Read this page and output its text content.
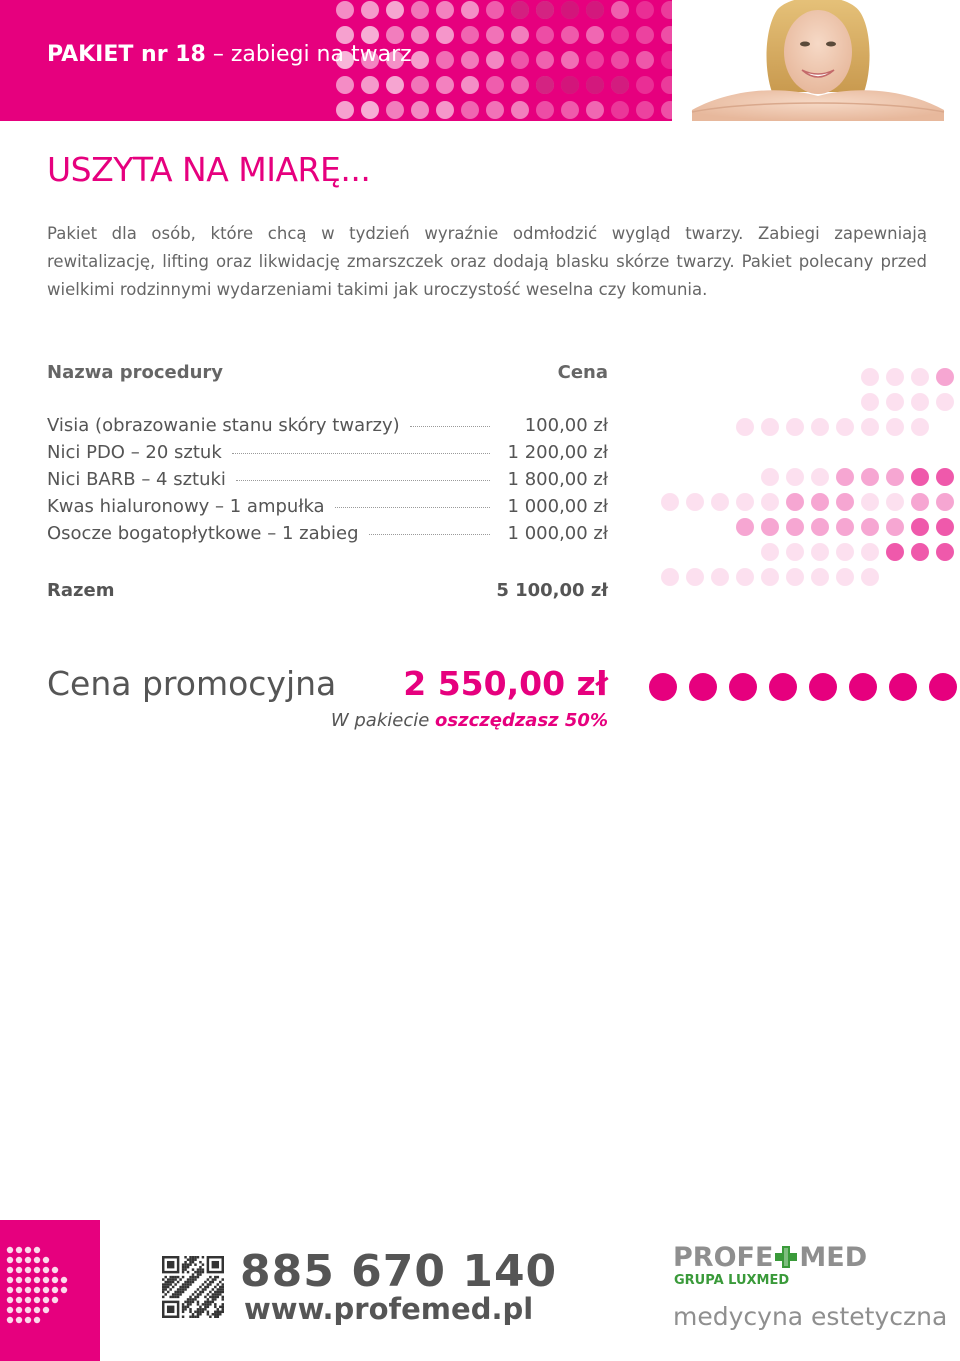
PAKIET nr 18 – zabiegi na twarz
USZYTA NA MIARĘ...

Pakiet dla osób, które chcą w tydzień wyraźnie odmłodzić wygląd twarzy. Zabiegi zapewniają rewitalizację, lifting oraz likwidację zmarszczek oraz dodają blasku skórze twarzy. Pakiet polecany przed wielkimi rodzinnymi wydarzeniami takimi jak uroczystość weselna czy komunia.

Nazwa procedury	Cena
Visia (obrazowanie stanu skóry twarzy)	100,00 zł
Nici PDO – 20 sztuk	1 200,00 zł
Nici BARB – 4 sztuki	1 800,00 zł
Kwas hialuronowy – 1 ampułka	1 000,00 zł
Osocze bogatopłytkowe – 1 zabieg	1 000,00 zł
Razem	5 100,00 zł
Cena promocyjna	2 550,00 zł
W pakiecie oszczędzasz 50%
885 670 140
www.profemed.pl
PROFE MED
GRUPA LUXMED
medycyna estetyczna
